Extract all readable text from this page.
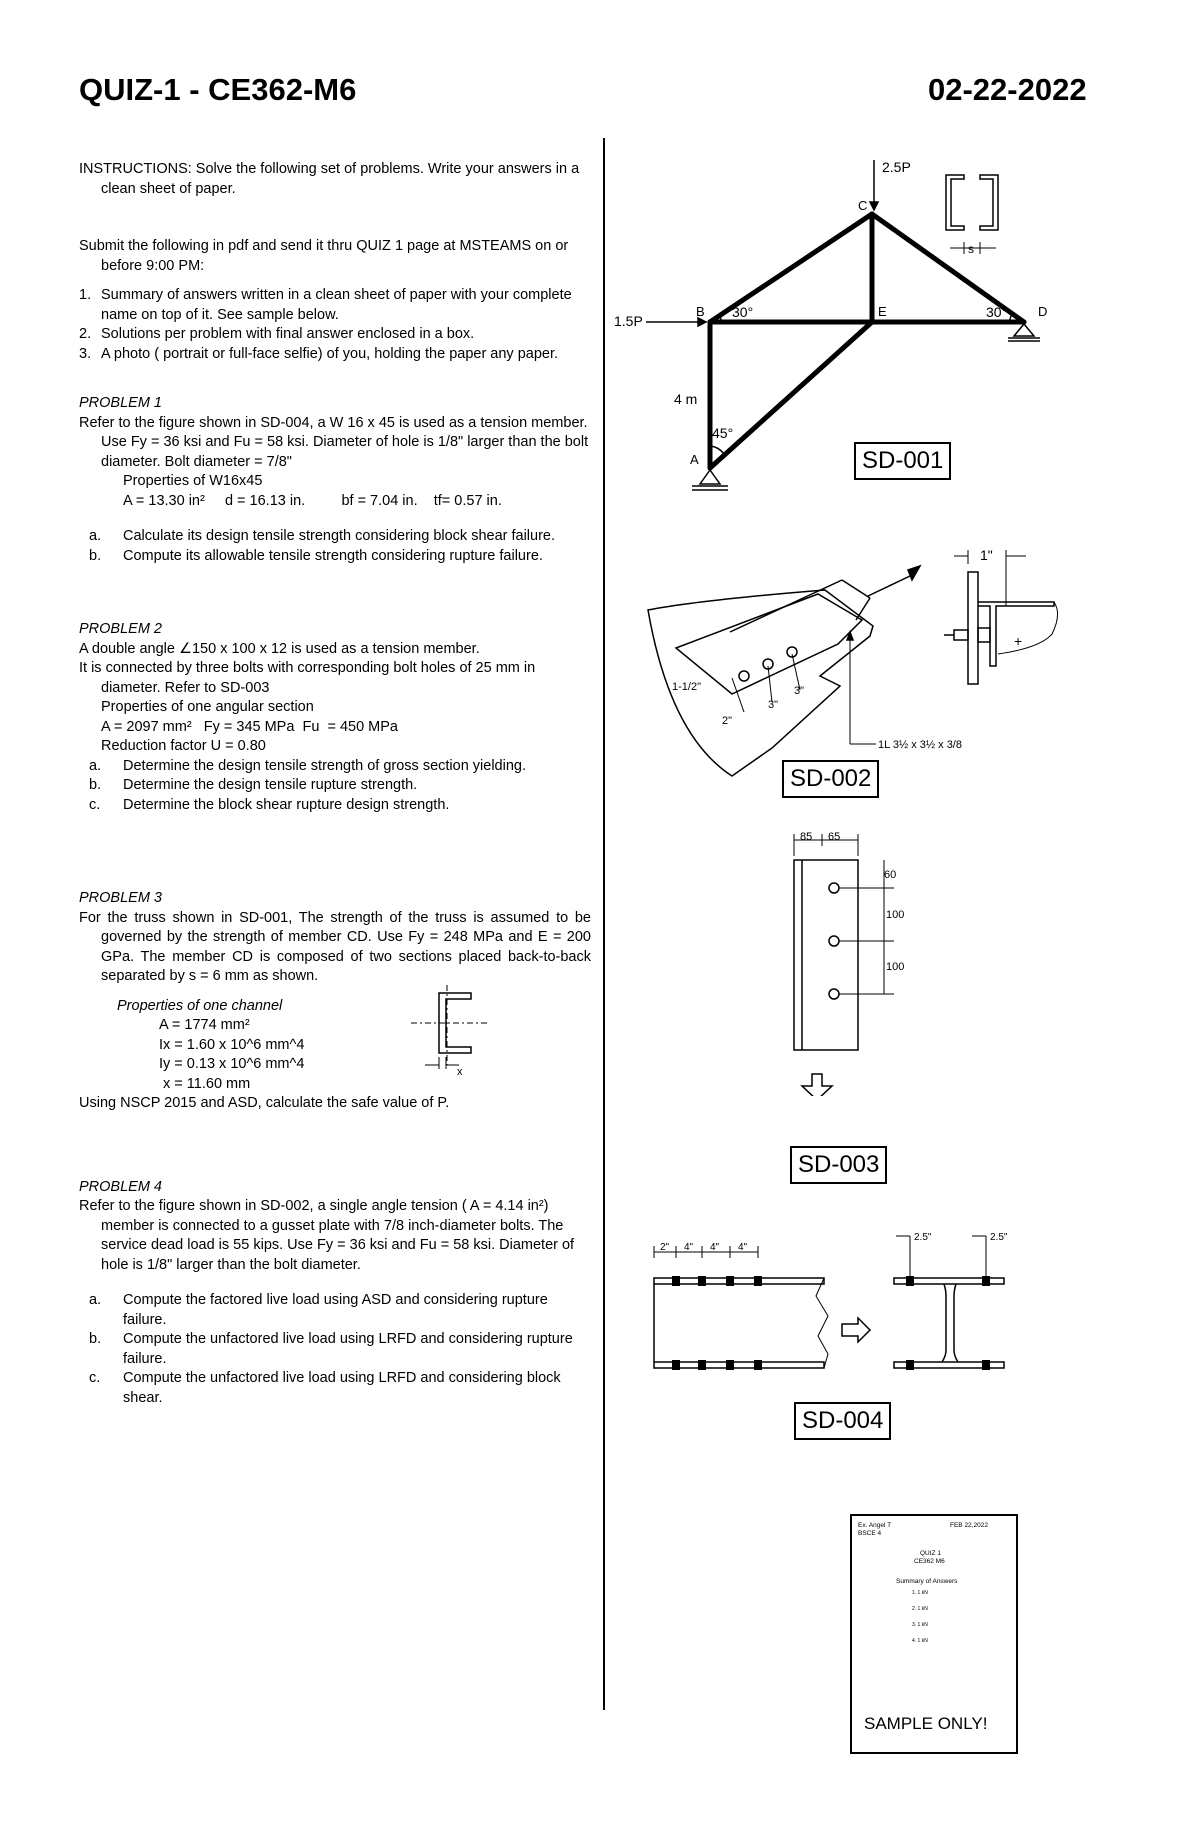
QUIZ-1 - CE362-M6	02-22-2022
INSTRUCTIONS: Solve the following set of problems. Write your answers in a clean sheet of paper.
Submit the following in pdf and send it thru QUIZ 1 page at MSTEAMS on or before 9:00 PM:
1. Summary of answers written in a clean sheet of paper with your complete name on top of it. See sample below.
2. Solutions per problem with final answer enclosed in a box.
3. A photo ( portrait or full-face selfie) of you, holding the paper any paper.
PROBLEM 1
Refer to the figure shown in SD-004, a W 16 x 45 is used as a tension member. Use Fy = 36 ksi and Fu = 58 ksi. Diameter of hole is 1/8" larger than the bolt diameter. Bolt diameter = 7/8"
Properties of W16x45
A = 13.30 in²     d = 16.13 in.         bf = 7.04 in.    tf= 0.57 in.
a. Calculate its design tensile strength considering block shear failure.
b. Compute its allowable tensile strength considering rupture failure.
PROBLEM 2
A double angle ∠150 x 100 x 12 is used as a tension member.
It is connected by three bolts with corresponding bolt holes of 25 mm in diameter. Refer to SD-003
Properties of one angular section
A = 2097 mm²   Fy = 345 MPa  Fu  = 450 MPa
Reduction factor U = 0.80
a. Determine the design tensile strength of gross section yielding.
b. Determine the design tensile rupture strength.
c. Determine the block shear rupture design strength.
PROBLEM 3
For the truss shown in SD-001, The strength of the truss is assumed to be governed by the strength of member CD. Use Fy = 248 MPa and E = 200 GPa. The member CD is composed of two sections placed back-to-back separated by s = 6 mm as shown.
Properties of one channel
A = 1774 mm²
Ix = 1.60 x 10^6 mm^4
Iy = 0.13 x 10^6 mm^4
x = 11.60 mm
x
Using NSCP 2015 and ASD, calculate the safe value of P.
PROBLEM 4
Refer to the figure shown in SD-002, a single angle tension ( A = 4.14 in²) member is connected to a gusset plate with 7/8 inch-diameter bolts. The service dead load is 55 kips. Use Fy = 36 ksi and Fu = 58 ksi. Diameter of hole is 1/8" larger than the bolt diameter.
a. Compute the factored live load using ASD and considering rupture failure.
b. Compute the unfactored live load using LRFD and considering rupture failure.
c. Compute the unfactored live load using LRFD and considering block shear.
2.5P
1.5P
C
B	E	D
A
30°	30°
45°
4 m
s
SD-001
1-1/2"
2"
3"
3"
1L 3½ x 3½ x 3/8
1"
+
SD-002
85 65
60
100
100
SD-003
2" 4" 4" 4"
2.5"	2.5"
SD-004
Ex. Angel T	FEB 22,2022
BSCE 4
QUIZ 1
CE362 M6
Summary of Answers
1. 1 kN
2. 1 kN
3. 1 kN
4. 1 kN
SAMPLE ONLY!
